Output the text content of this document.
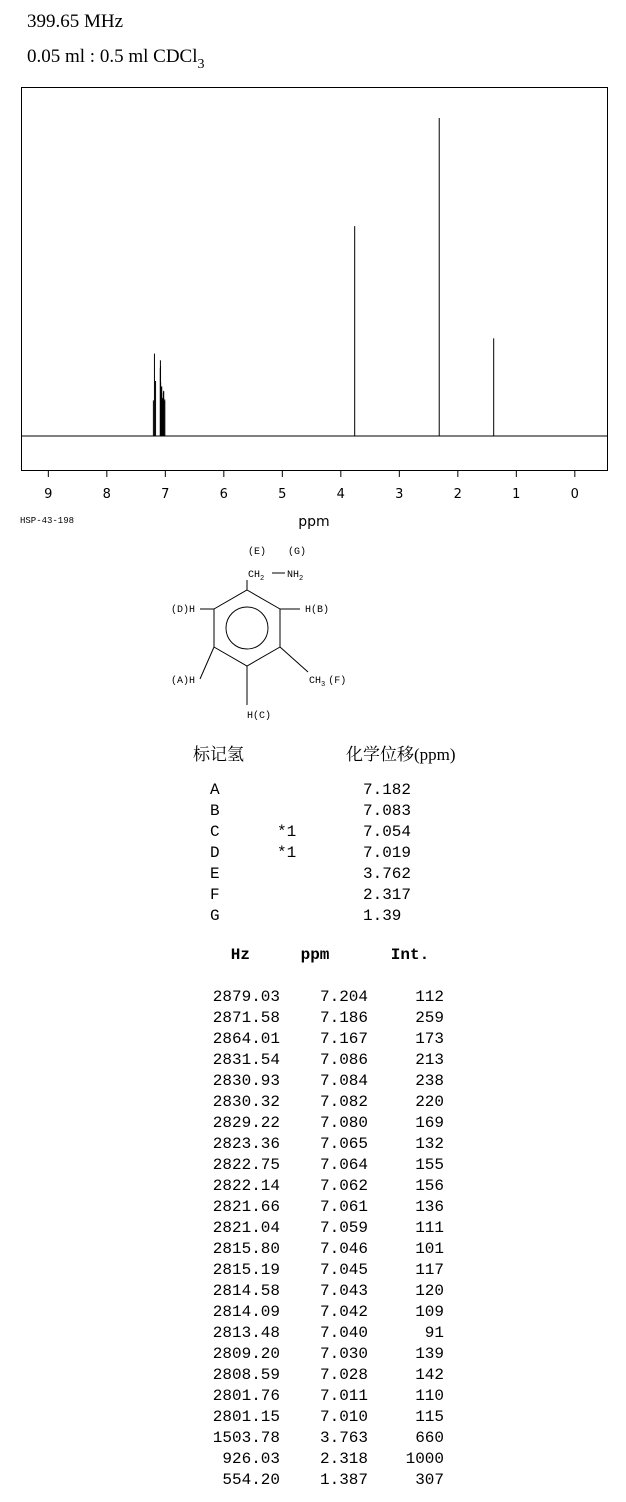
399.65 MHz
0.05 ml : 0.5 ml CDCl$_3$
9	8	7	6	5	4	3	2	1	0
ppm
HSP-43-198
(E) (G)
$CH_2$ $NH_2$
(D)H	H(B)
(A)H	$CH_3$ (F)
H(C)
标记氢	化学位移(ppm)
A	7.182
B	7.083
C	*1	7.054
D	*1	7.019
E	3.762
F	2.317
G	1.39
Hz	ppm	Int.
2879.03	7.204	112
2871.58	7.186	259
2864.01	7.167	173
2831.54	7.086	213
2830.93	7.084	238
2830.32	7.082	220
2829.22	7.080	169
2823.36	7.065	132
2822.75	7.064	155
2822.14	7.062	156
2821.66	7.061	136
2821.04	7.059	111
2815.80	7.046	101
2815.19	7.045	117
2814.58	7.043	120
2814.09	7.042	109
2813.48	7.040	91
2809.20	7.030	139
2808.59	7.028	142
2801.76	7.011	110
2801.15	7.010	115
1503.78	3.763	660
926.03	2.318	1000
554.20	1.387	307
